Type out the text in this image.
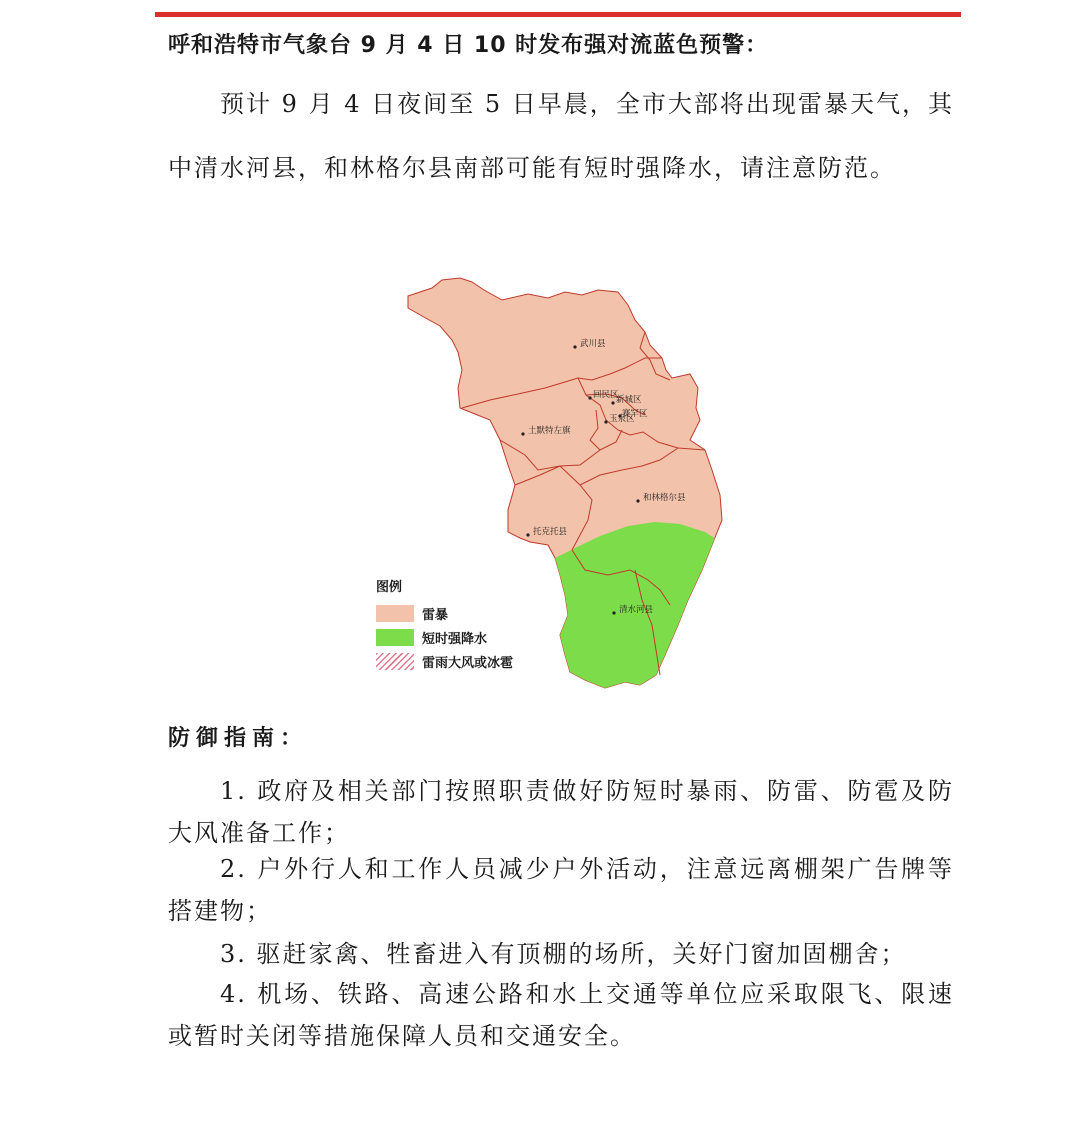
呼和浩特市气象台 9 月 4 日 10 时发布强对流蓝色预警：
预计 9 月 4 日夜间至 5 日早晨，全市大部将出现雷暴天气，其中清水河县，和林格尔县南部可能有短时强降水，请注意防范。
武川县
回民区
新城区
赛罕区
玉泉区
土默特左旗
和林格尔县
托克托县
清水河县
图例
雷暴
短时强降水
雷雨大风或冰雹
防御指南：
1. 政府及相关部门按照职责做好防短时暴雨、防雷、防雹及防大风准备工作；
2. 户外行人和工作人员减少户外活动，注意远离棚架广告牌等搭建物；
3. 驱赶家禽、牲畜进入有顶棚的场所，关好门窗加固棚舍；
4. 机场、铁路、高速公路和水上交通等单位应采取限飞、限速或暂时关闭等措施保障人员和交通安全。
